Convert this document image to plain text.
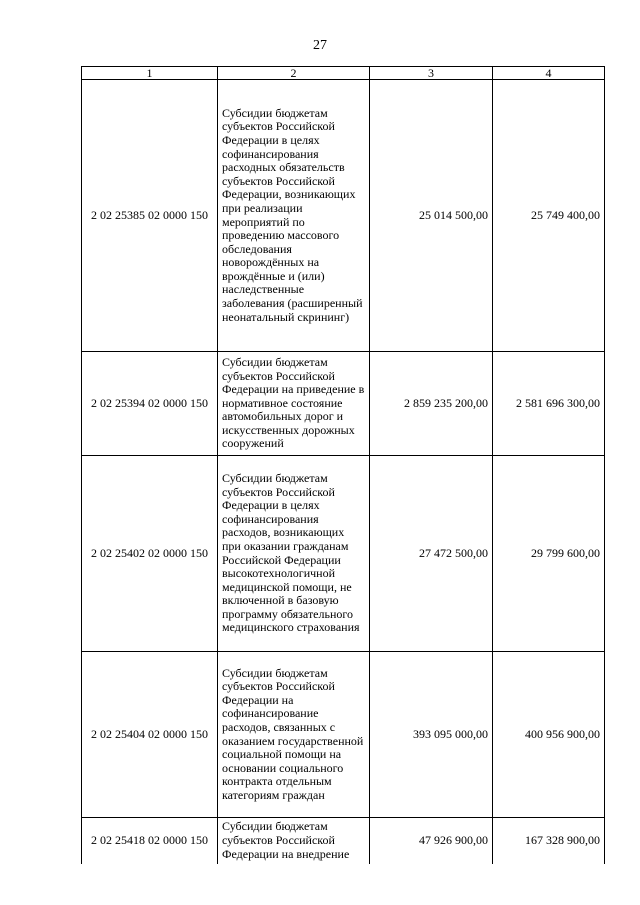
27
1	2	3	4
2 02 25385 02 0000 150	Субсидии бюджетам субъектов Российской Федерации в целях софинансирования расходных обязательств субъектов Российской Федерации, возникающих при реализации мероприятий по проведению массового обследования новорождённых на врождённые и (или) наследственные заболевания (расширенный неонатальный скрининг)	25 014 500,00	25 749 400,00
2 02 25394 02 0000 150	Субсидии бюджетам субъектов Российской Федерации на приведение в нормативное состояние автомобильных дорог и искусственных дорожных сооружений	2 859 235 200,00	2 581 696 300,00
2 02 25402 02 0000 150	Субсидии бюджетам субъектов Российской Федерации в целях софинансирования расходов, возникающих при оказании гражданам Российской Федерации высокотехнологичной медицинской помощи, не включенной в базовую программу обязательного медицинского страхования	27 472 500,00	29 799 600,00
2 02 25404 02 0000 150	Субсидии бюджетам субъектов Российской Федерации на софинансирование расходов, связанных с оказанием государственной социальной помощи на основании социального контракта отдельным категориям граждан	393 095 000,00	400 956 900,00
2 02 25418 02 0000 150	Субсидии бюджетам субъектов Российской Федерации на внедрение	47 926 900,00	167 328 900,00
